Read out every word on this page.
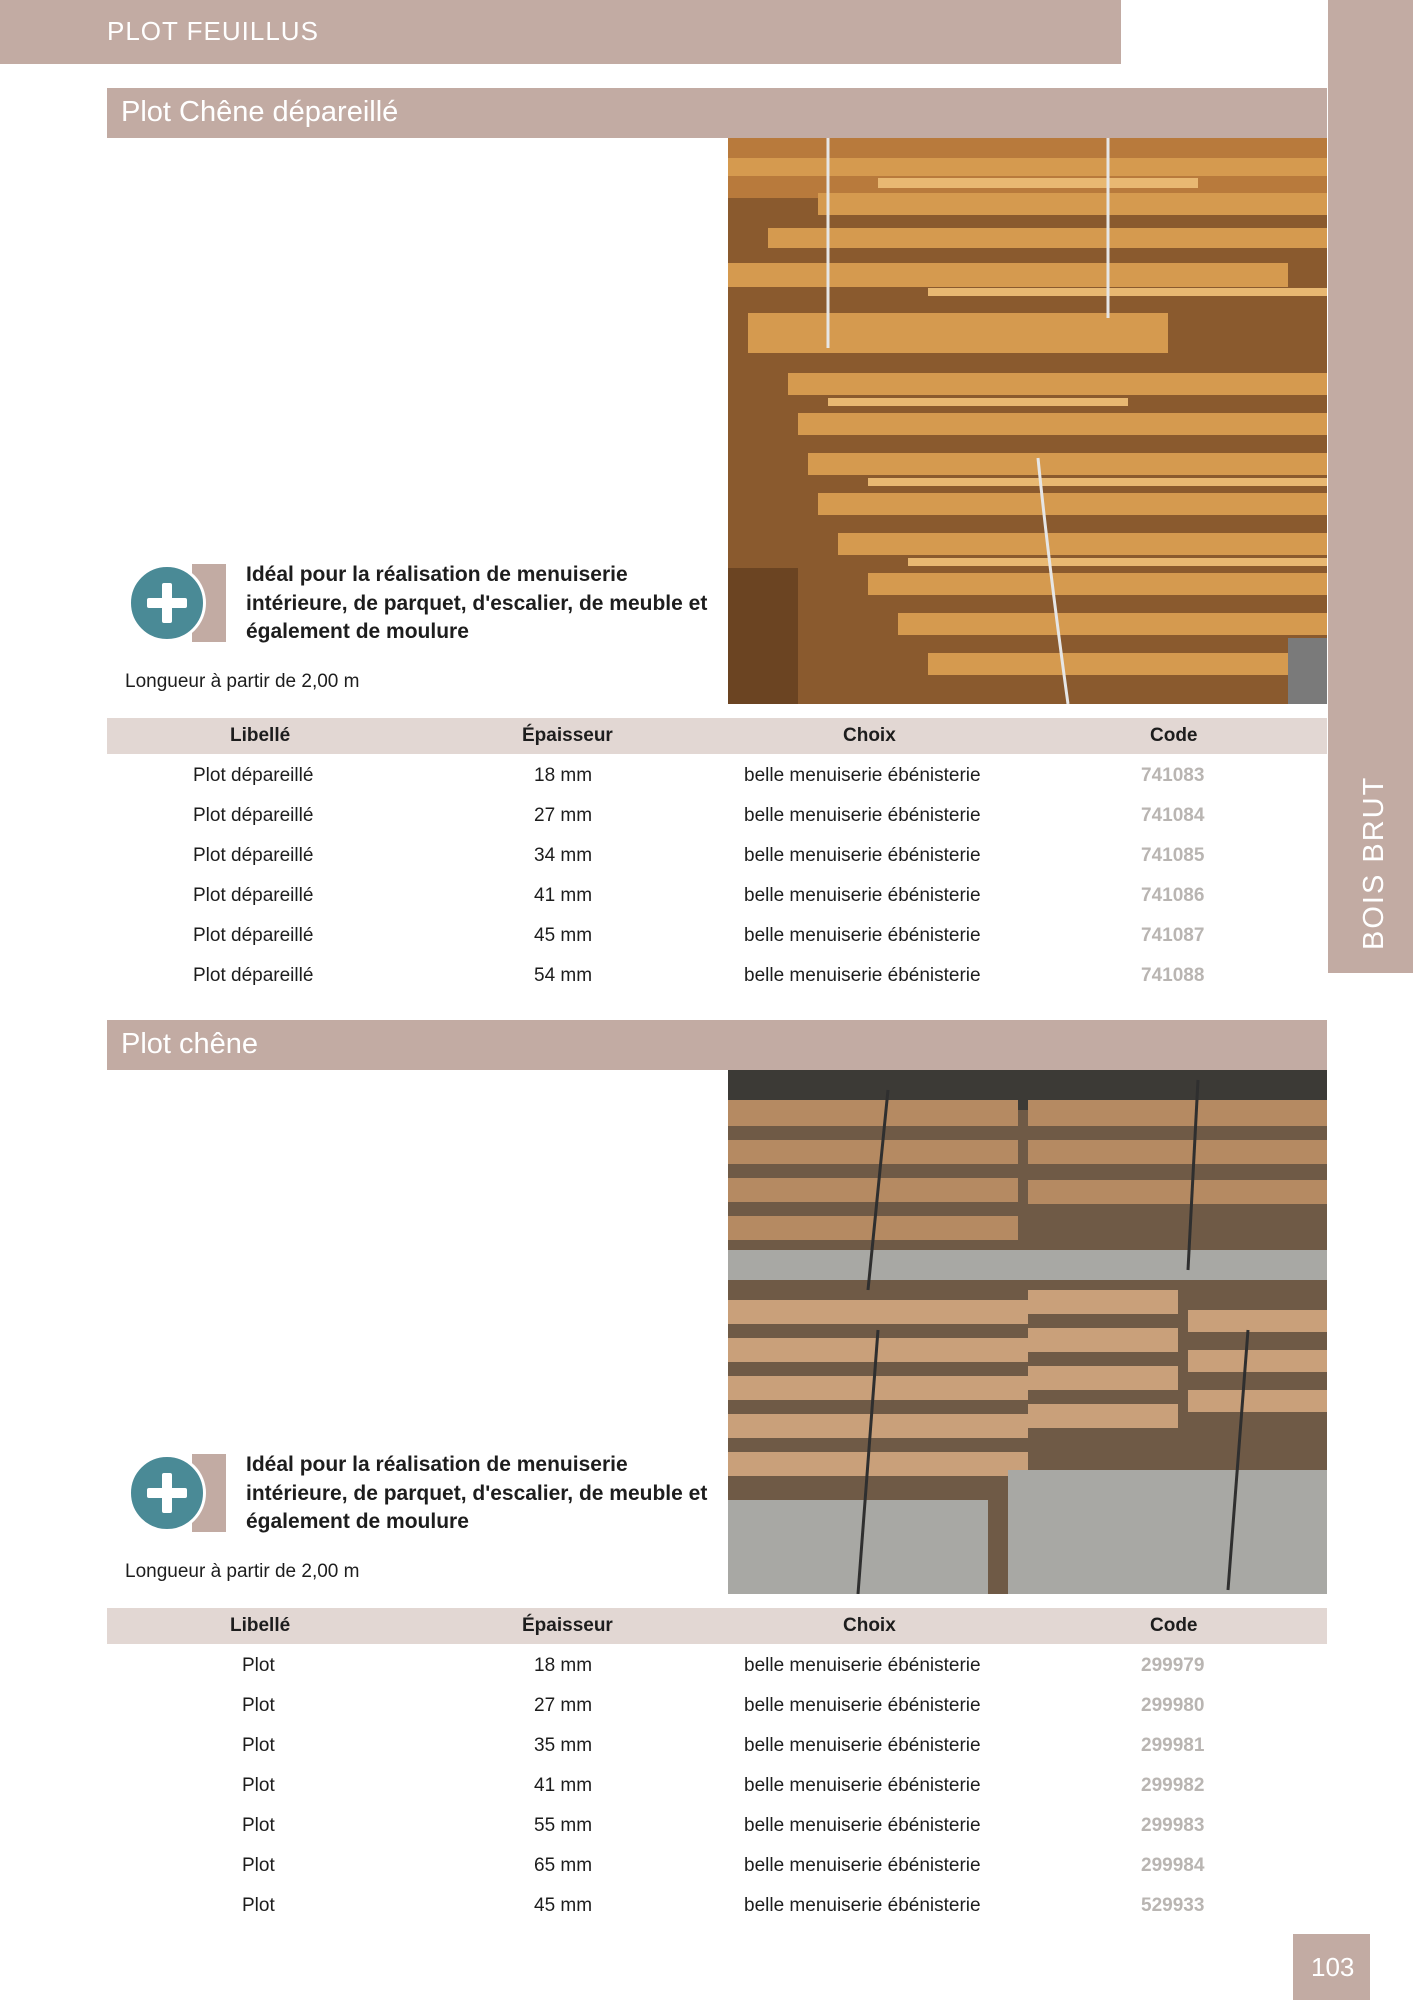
PLOT FEUILLUS
BOIS BRUT
Plot Chêne dépareillé
Idéal pour la réalisation de menuiserie intérieure, de parquet, d'escalier, de meuble et également de moulure
Longueur à partir de 2,00 m
Libellé	Épaisseur	Choix	Code
Plot dépareillé	18 mm	belle menuiserie ébénisterie	741083
Plot dépareillé	27 mm	belle menuiserie ébénisterie	741084
Plot dépareillé	34 mm	belle menuiserie ébénisterie	741085
Plot dépareillé	41 mm	belle menuiserie ébénisterie	741086
Plot dépareillé	45 mm	belle menuiserie ébénisterie	741087
Plot dépareillé	54 mm	belle menuiserie ébénisterie	741088
Plot chêne
Idéal pour la réalisation de menuiserie intérieure, de parquet, d'escalier, de meuble et également de moulure
Longueur à partir de 2,00 m
Libellé	Épaisseur	Choix	Code
Plot	18 mm	belle menuiserie ébénisterie	299979
Plot	27 mm	belle menuiserie ébénisterie	299980
Plot	35 mm	belle menuiserie ébénisterie	299981
Plot	41 mm	belle menuiserie ébénisterie	299982
Plot	55 mm	belle menuiserie ébénisterie	299983
Plot	65 mm	belle menuiserie ébénisterie	299984
Plot	45 mm	belle menuiserie ébénisterie	529933
103
